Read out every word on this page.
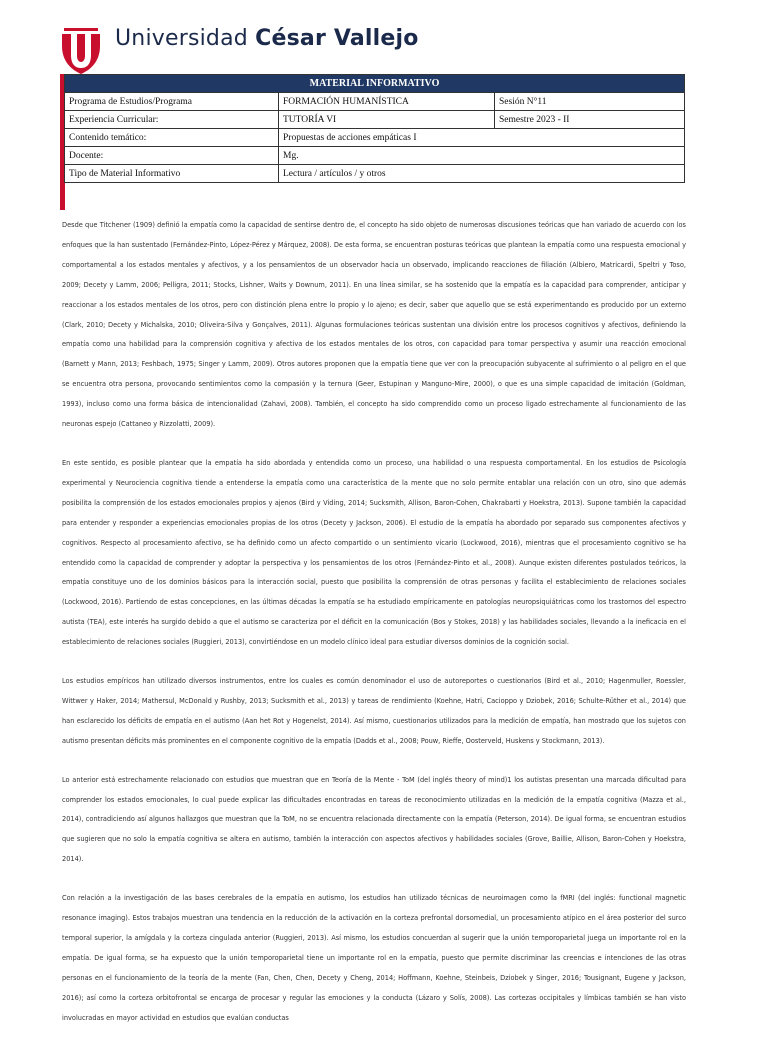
Universidad César Vallejo
MATERIAL INFORMATIVO		
Programa de Estudios/Programa	FORMACIÓN HUMANÍSTICA	Sesión N°11
Experiencia Curricular:	TUTORÍA VI	Semestre 2023 - II
Contenido temático:	Propuestas de acciones empáticas I	
Docente:	Mg.	
Tipo de Material Informativo	Lectura / artículos / y otros	

Desde que Titchener (1909) definió la empatía como la capacidad de sentirse dentro de, el concepto ha sido objeto de numerosas discusiones teóricas que han variado de acuerdo con los enfoques que la han sustentado (Fernández-Pinto, López-Pérez y Márquez, 2008). De esta forma, se encuentran posturas teóricas que plantean la empatía como una respuesta emocional y comportamental a los estados mentales y afectivos, y a los pensamientos de un observador hacia un observado, implicando reacciones de filiación (Albiero, Matricardi, Speltri y Toso, 2009; Decety y Lamm, 2006; Pelligra, 2011; Stocks, Lishner, Waits y Downum, 2011). En una línea similar, se ha sostenido que la empatía es la capacidad para comprender, anticipar y reaccionar a los estados mentales de los otros, pero con distinción plena entre lo propio y lo ajeno; es decir, saber que aquello que se está experimentando es producido por un externo (Clark, 2010; Decety y Michalska, 2010; Oliveira-Silva y Gonçalves, 2011). Algunas formulaciones teóricas sustentan una división entre los procesos cognitivos y afectivos, definiendo la empatía como una habilidad para la comprensión cognitiva y afectiva de los estados mentales de los otros, con capacidad para tomar perspectiva y asumir una reacción emocional (Barnett y Mann, 2013; Feshbach, 1975; Singer y Lamm, 2009). Otros autores proponen que la empatía tiene que ver con la preocupación subyacente al sufrimiento o al peligro en el que se encuentra otra persona, provocando sentimientos como la compasión y la ternura (Geer, Estupinan y Manguno-Mire, 2000), o que es una simple capacidad de imitación (Goldman, 1993), incluso como una forma básica de intencionalidad (Zahavi, 2008). También, el concepto ha sido comprendido como un proceso ligado estrechamente al funcionamiento de las neuronas espejo (Cattaneo y Rizzolatti, 2009).

En este sentido, es posible plantear que la empatía ha sido abordada y entendida como un proceso, una habilidad o una respuesta comportamental. En los estudios de Psicología experimental y Neurociencia cognitiva tiende a entenderse la empatía como una característica de la mente que no solo permite entablar una relación con un otro, sino que además posibilita la comprensión de los estados emocionales propios y ajenos (Bird y Viding, 2014; Sucksmith, Allison, Baron-Cohen, Chakrabarti y Hoekstra, 2013). Supone también la capacidad para entender y responder a experiencias emocionales propias de los otros (Decety y Jackson, 2006). El estudio de la empatía ha abordado por separado sus componentes afectivos y cognitivos. Respecto al procesamiento afectivo, se ha definido como un afecto compartido o un sentimiento vicario (Lockwood, 2016), mientras que el procesamiento cognitivo se ha entendido como la capacidad de comprender y adoptar la perspectiva y los pensamientos de los otros (Fernández-Pinto et al., 2008). Aunque existen diferentes postulados teóricos, la empatía constituye uno de los dominios básicos para la interacción social, puesto que posibilita la comprensión de otras personas y facilita el establecimiento de relaciones sociales (Lockwood, 2016). Partiendo de estas concepciones, en las últimas décadas la empatía se ha estudiado empíricamente en patologías neuropsiquiátricas como los trastornos del espectro autista (TEA), este interés ha surgido debido a que el autismo se caracteriza por el déficit en la comunicación (Bos y Stokes, 2018) y las habilidades sociales, llevando a la ineficacia en el establecimiento de relaciones sociales (Ruggieri, 2013), convirtiéndose en un modelo clínico ideal para estudiar diversos dominios de la cognición social.

Los estudios empíricos han utilizado diversos instrumentos, entre los cuales es común denominador el uso de autoreportes o cuestionarios (Bird et al., 2010; Hagenmuller, Roessler, Wittwer y Haker, 2014; Mathersul, McDonald y Rushby, 2013; Sucksmith et al., 2013) y tareas de rendimiento (Koehne, Hatri, Cacioppo y Dziobek, 2016; Schulte-Rüther et al., 2014) que han esclarecido los déficits de empatía en el autismo (Aan het Rot y Hogenelst, 2014). Así mismo, cuestionarios utilizados para la medición de empatía, han mostrado que los sujetos con autismo presentan déficits más prominentes en el componente cognitivo de la empatía (Dadds et al., 2008; Pouw, Rieffe, Oosterveld, Huskens y Stockmann, 2013).

Lo anterior está estrechamente relacionado con estudios que muestran que en Teoría de la Mente - ToM (del inglés theory of mind)1 los autistas presentan una marcada dificultad para comprender los estados emocionales, lo cual puede explicar las dificultades encontradas en tareas de reconocimiento utilizadas en la medición de la empatía cognitiva (Mazza et al., 2014), contradiciendo así algunos hallazgos que muestran que la ToM, no se encuentra relacionada directamente con la empatía (Peterson, 2014). De igual forma, se encuentran estudios que sugieren que no solo la empatía cognitiva se altera en autismo, también la interacción con aspectos afectivos y habilidades sociales (Grove, Baillie, Allison, Baron-Cohen y Hoekstra, 2014).

Con relación a la investigación de las bases cerebrales de la empatía en autismo, los estudios han utilizado técnicas de neuroimagen como la fMRI (del inglés: functional magnetic resonance imaging). Estos trabajos muestran una tendencia en la reducción de la activación en la corteza prefrontal dorsomedial, un procesamiento atípico en el área posterior del surco temporal superior, la amígdala y la corteza cingulada anterior (Ruggieri, 2013). Así mismo, los estudios concuerdan al sugerir que la unión temporoparietal juega un importante rol en la empatía. De igual forma, se ha expuesto que la unión temporoparietal tiene un importante rol en la empatía, puesto que permite discriminar las creencias e intenciones de las otras personas en el funcionamiento de la teoría de la mente (Fan, Chen, Chen, Decety y Cheng, 2014; Hoffmann, Koehne, Steinbeis, Dziobek y Singer, 2016; Tousignant, Eugene y Jackson, 2016); así como la corteza orbitofrontal se encarga de procesar y regular las emociones y la conducta (Lázaro y Solís, 2008). Las cortezas occipitales y límbicas también se han visto involucradas en mayor actividad en estudios que evalúan conductas
